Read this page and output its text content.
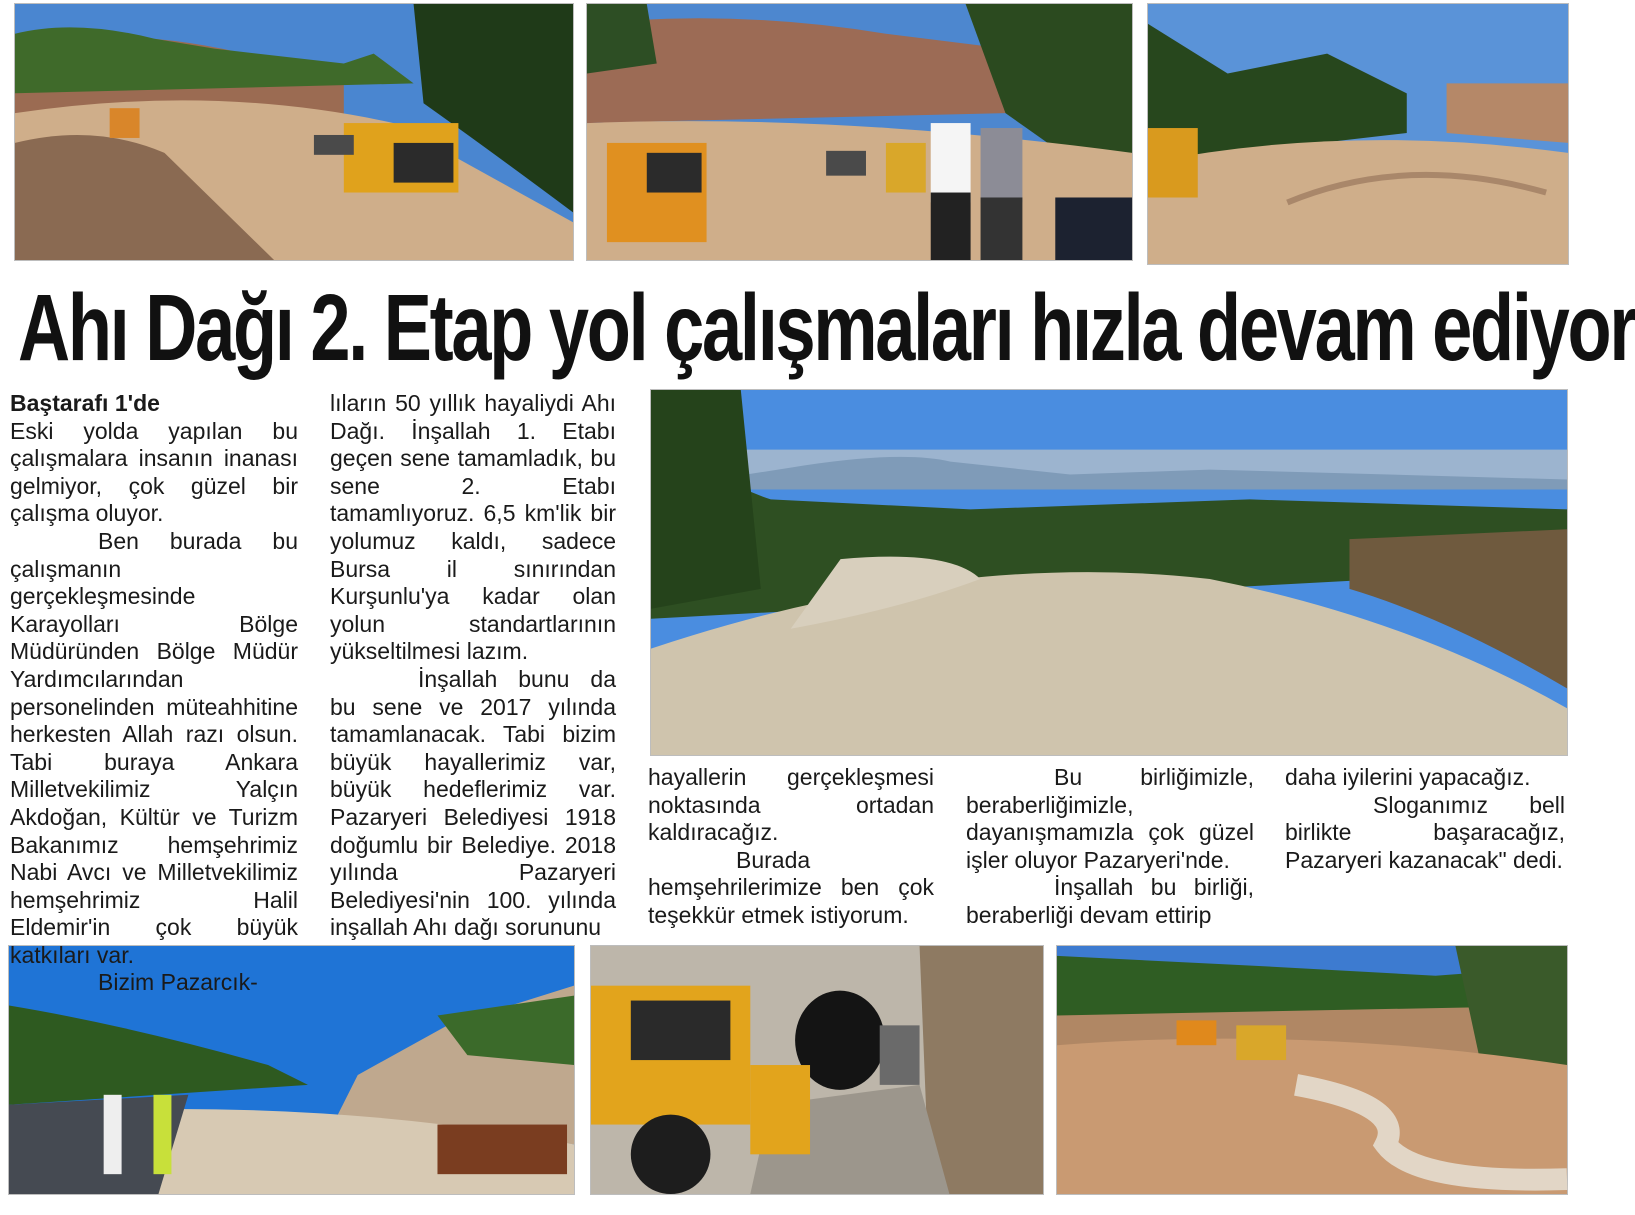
Ahı Dağı 2. Etap yol çalışmaları hızla devam ediyor

Baştarafı 1'de

Eski yolda yapılan bu çalışmalara insanın inanası gelmiyor, çok güzel bir çalışma oluyor.

Ben burada bu çalışmanın gerçekleşmesinde Karayolları Bölge Müdüründen Bölge Müdür Yardımcılarından personelinden müteahhitine herkesten Allah razı olsun. Tabi buraya Ankara Milletvekilimiz Yalçın Akdoğan, Kültür ve Turizm Bakanımız hemşehrimiz Nabi Avcı ve Milletvekilimiz hemşehrimiz Halil Eldemir'in çok büyük katkıları var.

Bizim Pazarcık-

lıların 50 yıllık hayaliydi Ahı Dağı. İnşallah 1. Etabı geçen sene tamamladık, bu sene 2. Etabı tamamlıyoruz. 6,5 km'lik bir yolumuz kaldı, sadece Bursa il sınırından Kurşunlu'ya kadar olan yolun standartlarının yükseltilmesi lazım.

İnşallah bunu da bu sene ve 2017 yılında tamamlanacak. Tabi bizim büyük hayallerimiz var, büyük hedeflerimiz var. Pazaryeri Belediyesi 1918 doğumlu bir Belediye. 2018 yılında Pazaryeri Belediyesi'nin 100. yılında inşallah Ahı dağı sorununu

hayallerin gerçekleşmesi noktasında ortadan kaldıracağız.

Burada hemşehrilerimize ben çok teşekkür etmek istiyorum.

Bu birliğimizle, beraberliğimizle, dayanışmamızla çok güzel işler oluyor Pazaryeri'nde.

İnşallah bu birliği, beraberliği devam ettirip

daha iyilerini yapacağız.

Sloganımız bell birlikte başaracağız, Pazaryeri kazanacak" dedi.
